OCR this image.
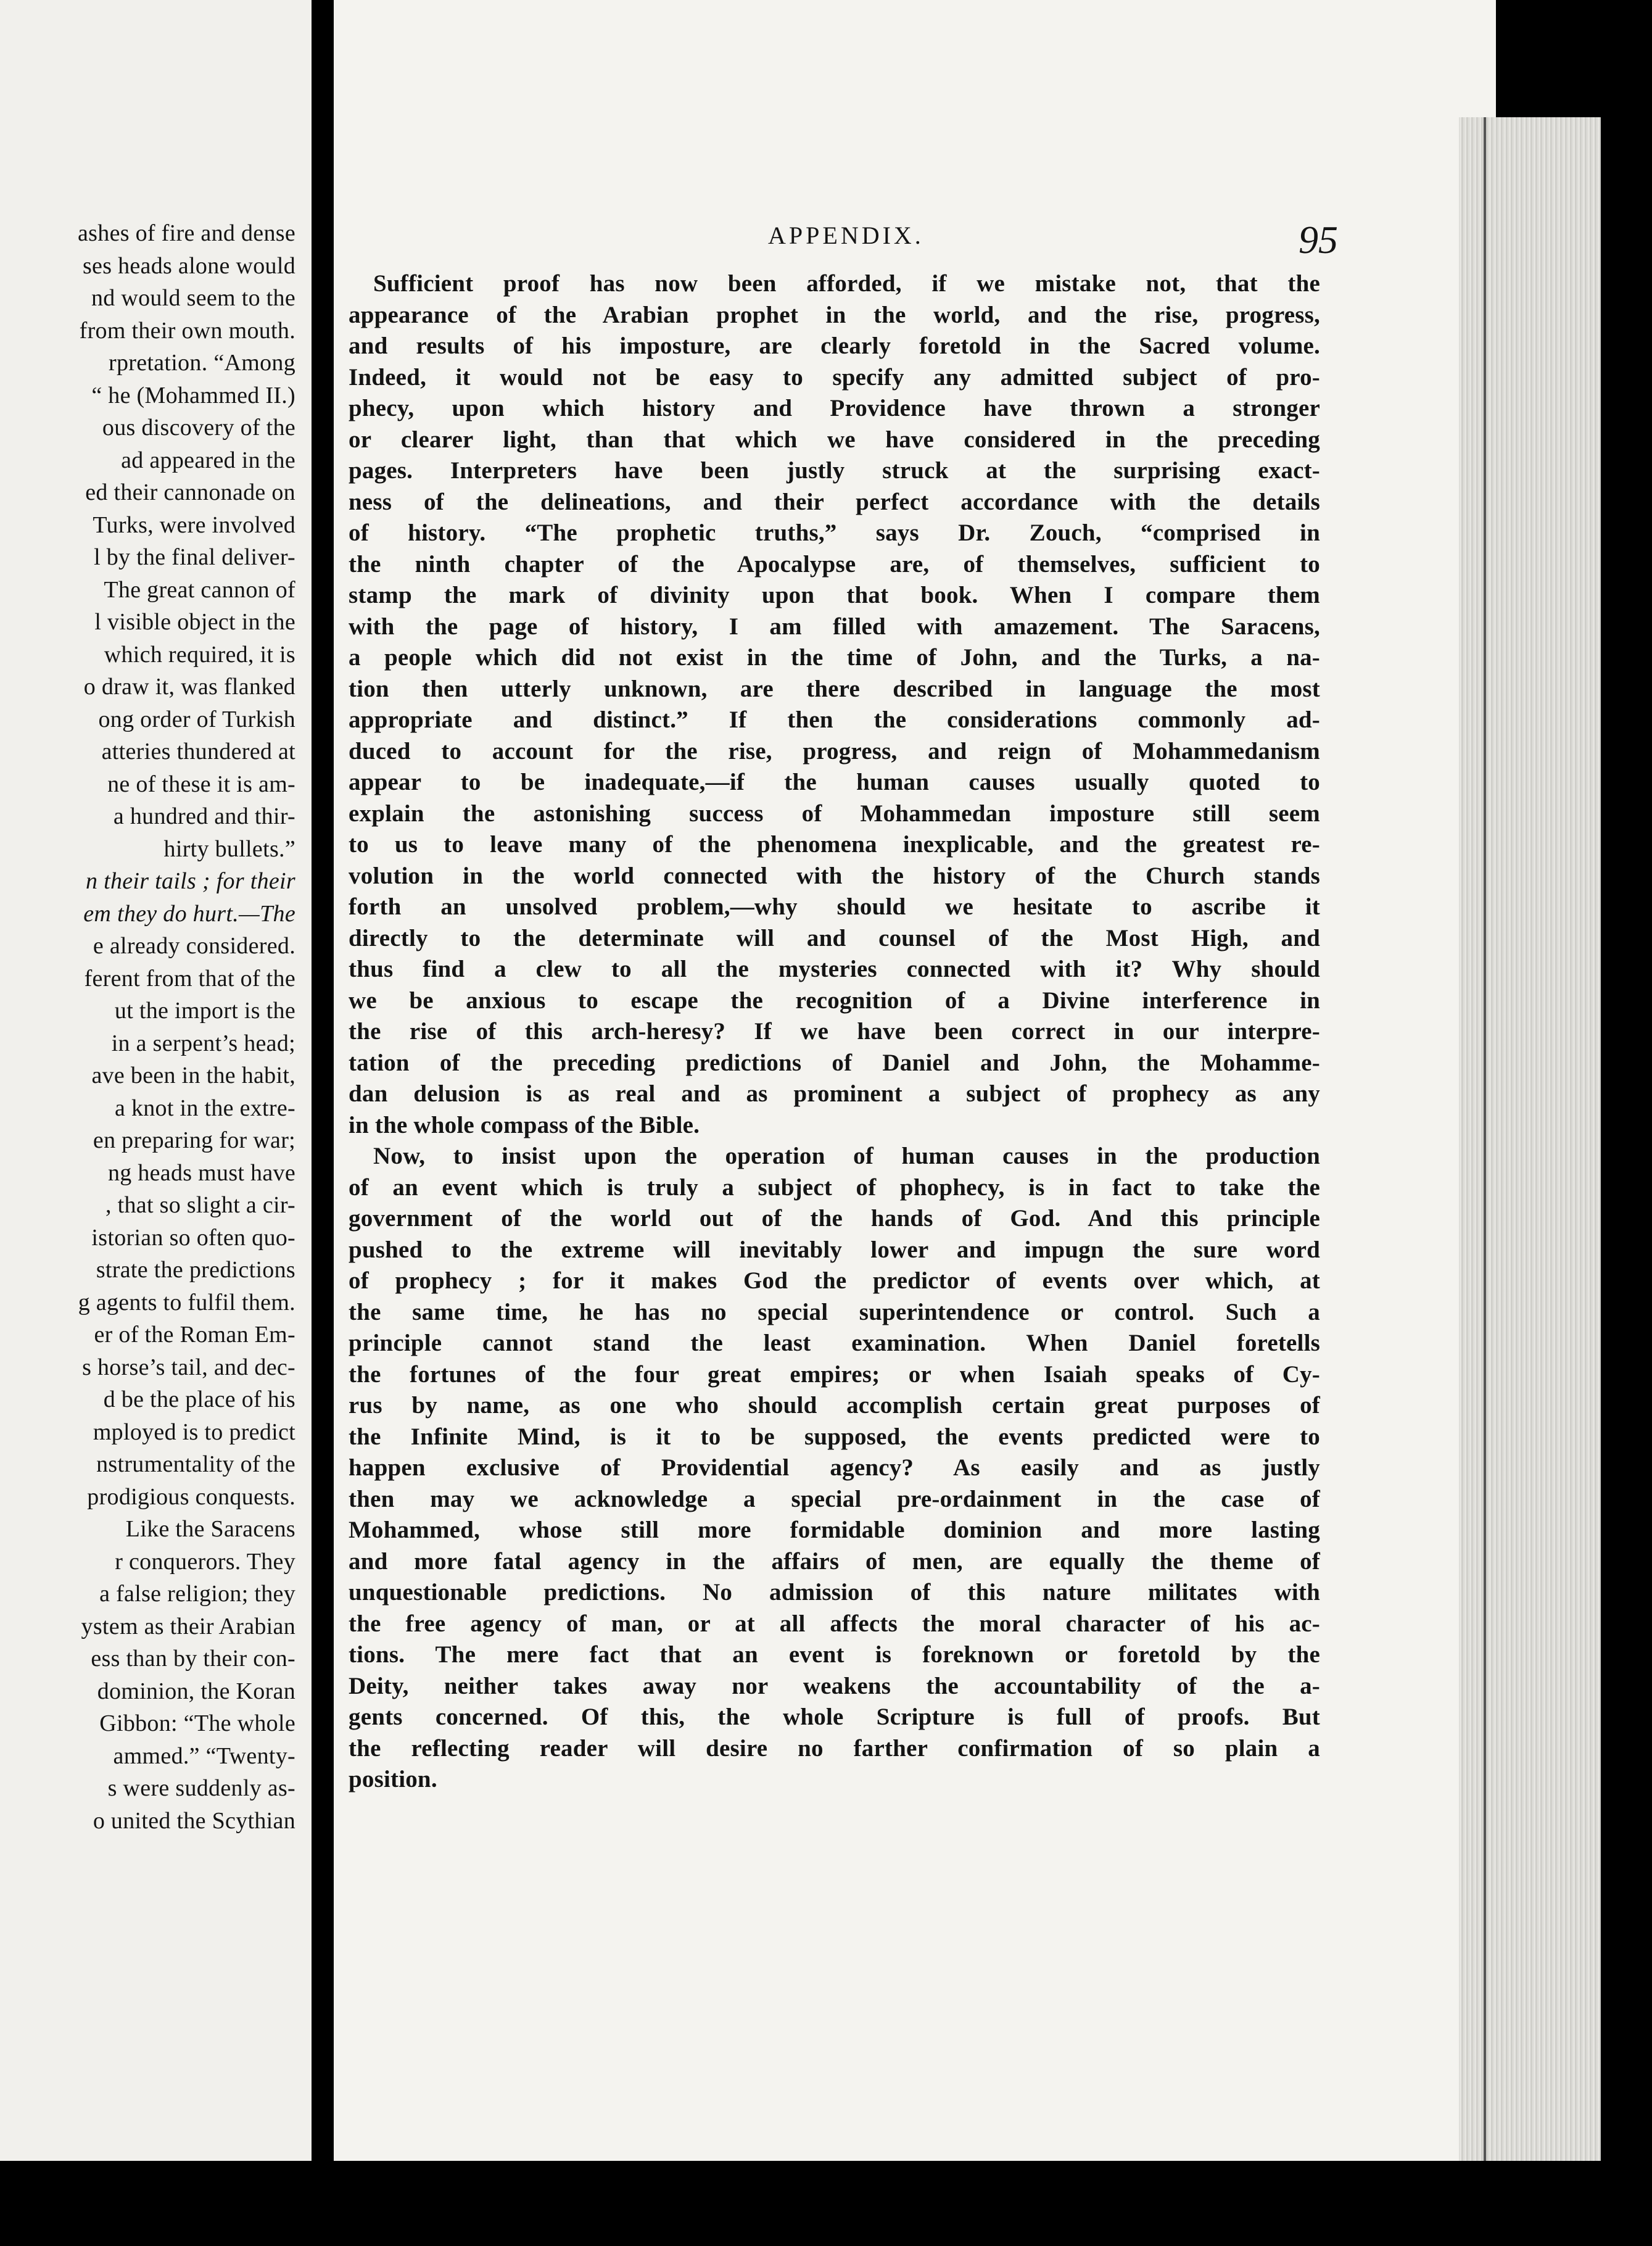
ashes of fire and dense
ses heads alone would
nd would seem to the
from their own mouth.
rpretation. “Among
“ he (Mohammed II.)
ous discovery of the
ad appeared in the
ed their cannonade on
Turks, were involved
l by the final deliver-
The great cannon of
l visible object in the
which required, it is
o draw it, was flanked
ong order of Turkish
atteries thundered at
ne of these it is am-
a hundred and thir-
hirty bullets.”
n their tails ; for their
em they do hurt.—The
e already considered.
ferent from that of the
ut the import is the
in a serpent’s head;
ave been in the habit,
a knot in the extre-
en preparing for war;
ng heads must have
, that so slight a cir-
istorian so often quo-
strate the predictions
g agents to fulfil them.
er of the Roman Em-
s horse’s tail, and dec-
d be the place of his
mployed is to predict
nstrumentality of the
prodigious conquests.
Like the Saracens
r conquerors. They
a false religion; they
ystem as their Arabian
ess than by their con-
dominion, the Koran
Gibbon: “The whole
ammed.” “Twenty-
s were suddenly as-
o united the Scythian
APPENDIX.	95
Sufficient proof has now been afforded, if we mistake not, that the
appearance of the Arabian prophet in the world, and the rise, progress,
and results of his imposture, are clearly foretold in the Sacred volume.
Indeed, it would not be easy to specify any admitted subject of pro-
phecy, upon which history and Providence have thrown a stronger
or clearer light, than that which we have considered in the preceding
pages. Interpreters have been justly struck at the surprising exact-
ness of the delineations, and their perfect accordance with the details
of history. “The prophetic truths,” says Dr. Zouch, “comprised in
the ninth chapter of the Apocalypse are, of themselves, sufficient to
stamp the mark of divinity upon that book. When I compare them
with the page of history, I am filled with amazement. The Saracens,
a people which did not exist in the time of John, and the Turks, a na-
tion then utterly unknown, are there described in language the most
appropriate and distinct.” If then the considerations commonly ad-
duced to account for the rise, progress, and reign of Mohammedanism
appear to be inadequate,—if the human causes usually quoted to
explain the astonishing success of Mohammedan imposture still seem
to us to leave many of the phenomena inexplicable, and the greatest re-
volution in the world connected with the history of the Church stands
forth an unsolved problem,—why should we hesitate to ascribe it
directly to the determinate will and counsel of the Most High, and
thus find a clew to all the mysteries connected with it? Why should
we be anxious to escape the recognition of a Divine interference in
the rise of this arch-heresy? If we have been correct in our interpre-
tation of the preceding predictions of Daniel and John, the Mohamme-
dan delusion is as real and as prominent a subject of prophecy as any
in the whole compass of the Bible.
Now, to insist upon the operation of human causes in the production
of an event which is truly a subject of phophecy, is in fact to take the
government of the world out of the hands of God. And this principle
pushed to the extreme will inevitably lower and impugn the sure word
of prophecy ; for it makes God the predictor of events over which, at
the same time, he has no special superintendence or control. Such a
principle cannot stand the least examination. When Daniel foretells
the fortunes of the four great empires; or when Isaiah speaks of Cy-
rus by name, as one who should accomplish certain great purposes of
the Infinite Mind, is it to be supposed, the events predicted were to
happen exclusive of Providential agency? As easily and as justly
then may we acknowledge a special pre-ordainment in the case of
Mohammed, whose still more formidable dominion and more lasting
and more fatal agency in the affairs of men, are equally the theme of
unquestionable predictions. No admission of this nature militates with
the free agency of man, or at all affects the moral character of his ac-
tions. The mere fact that an event is foreknown or foretold by the
Deity, neither takes away nor weakens the accountability of the a-
gents concerned. Of this, the whole Scripture is full of proofs. But
the reflecting reader will desire no farther confirmation of so plain a
position.
